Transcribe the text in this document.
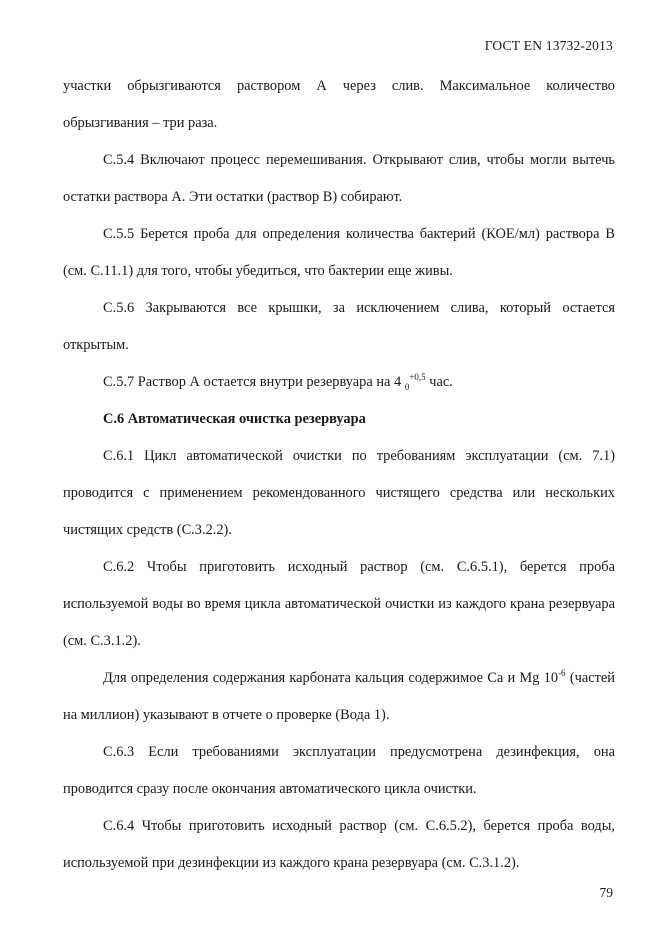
ГОСТ EN 13732-2013

участки обрызгиваются раствором А через слив. Максимальное количество обрызгивания – три раза.

С.5.4 Включают процесс перемешивания. Открывают слив, чтобы могли вытечь остатки раствора А. Эти остатки (раствор В) собирают.

С.5.5 Берется проба для определения количества бактерий (КОЕ/мл) раствора В (см. С.11.1) для того, чтобы убедиться, что бактерии еще живы.

С.5.6 Закрываются все крышки, за исключением слива, который остается открытым.

С.5.7 Раствор А остается внутри резервуара на 4 $_0^{+0,5}$ час.

С.6 Автоматическая очистка резервуара

С.6.1 Цикл автоматической очистки по требованиям эксплуатации (см. 7.1) проводится с применением рекомендованного чистящего средства или нескольких чистящих средств (С.3.2.2).

С.6.2 Чтобы приготовить исходный раствор (см. С.6.5.1), берется проба используемой воды во время цикла автоматической очистки из каждого крана резервуара (см. С.3.1.2).

Для определения содержания карбоната кальция содержимое Ca и Mg $10^{-6}$ (частей на миллион) указывают в отчете о проверке (Вода 1).

С.6.3 Если требованиями эксплуатации предусмотрена дезинфекция, она проводится сразу после окончания автоматического цикла очистки.

С.6.4 Чтобы приготовить исходный раствор (см. С.6.5.2), берется проба воды, используемой при дезинфекции из каждого крана резервуара (см. С.3.1.2).

79
